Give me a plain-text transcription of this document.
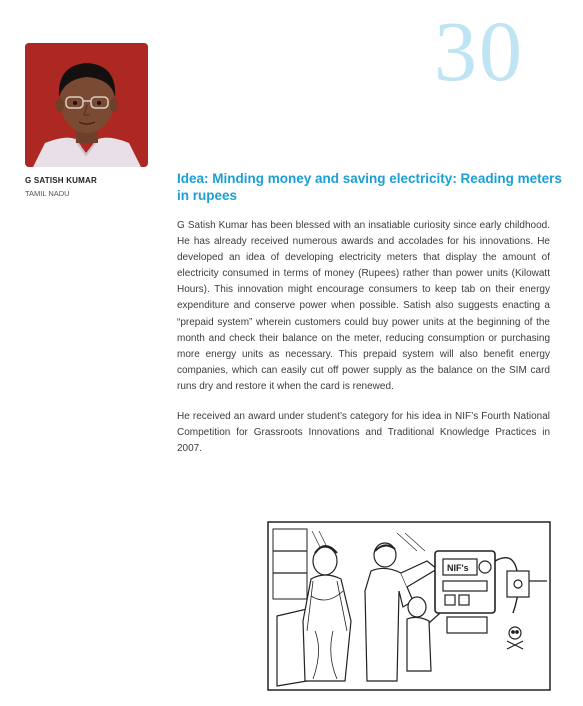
30
G SATISH KUMAR
TAMIL NADU
Idea: Minding money and saving electricity: Reading meters in rupees

G Satish Kumar has been blessed with an insatiable curiosity since early childhood. He has already received numerous awards and accolades for his innovations. He developed an idea of developing electricity meters that display the amount of electricity consumed in terms of money (Rupees) rather than power units (Kilowatt Hours). This innovation might encourage consumers to keep tab on their energy expenditure and conserve power when possible. Satish also suggests enacting a “prepaid system” wherein customers could buy power units at the beginning of the month and check their balance on the meter, reducing consumption or purchasing more energy units as necessary. This prepaid system will also benefit energy companies, which can easily cut off power supply as the balance on the SIM card runs dry and restore it when the card is renewed.

He received an award under student’s category for his idea in NIF’s Fourth National Competition for Grassroots Innovations and Traditional Knowledge Practices in 2007.

NIF's
